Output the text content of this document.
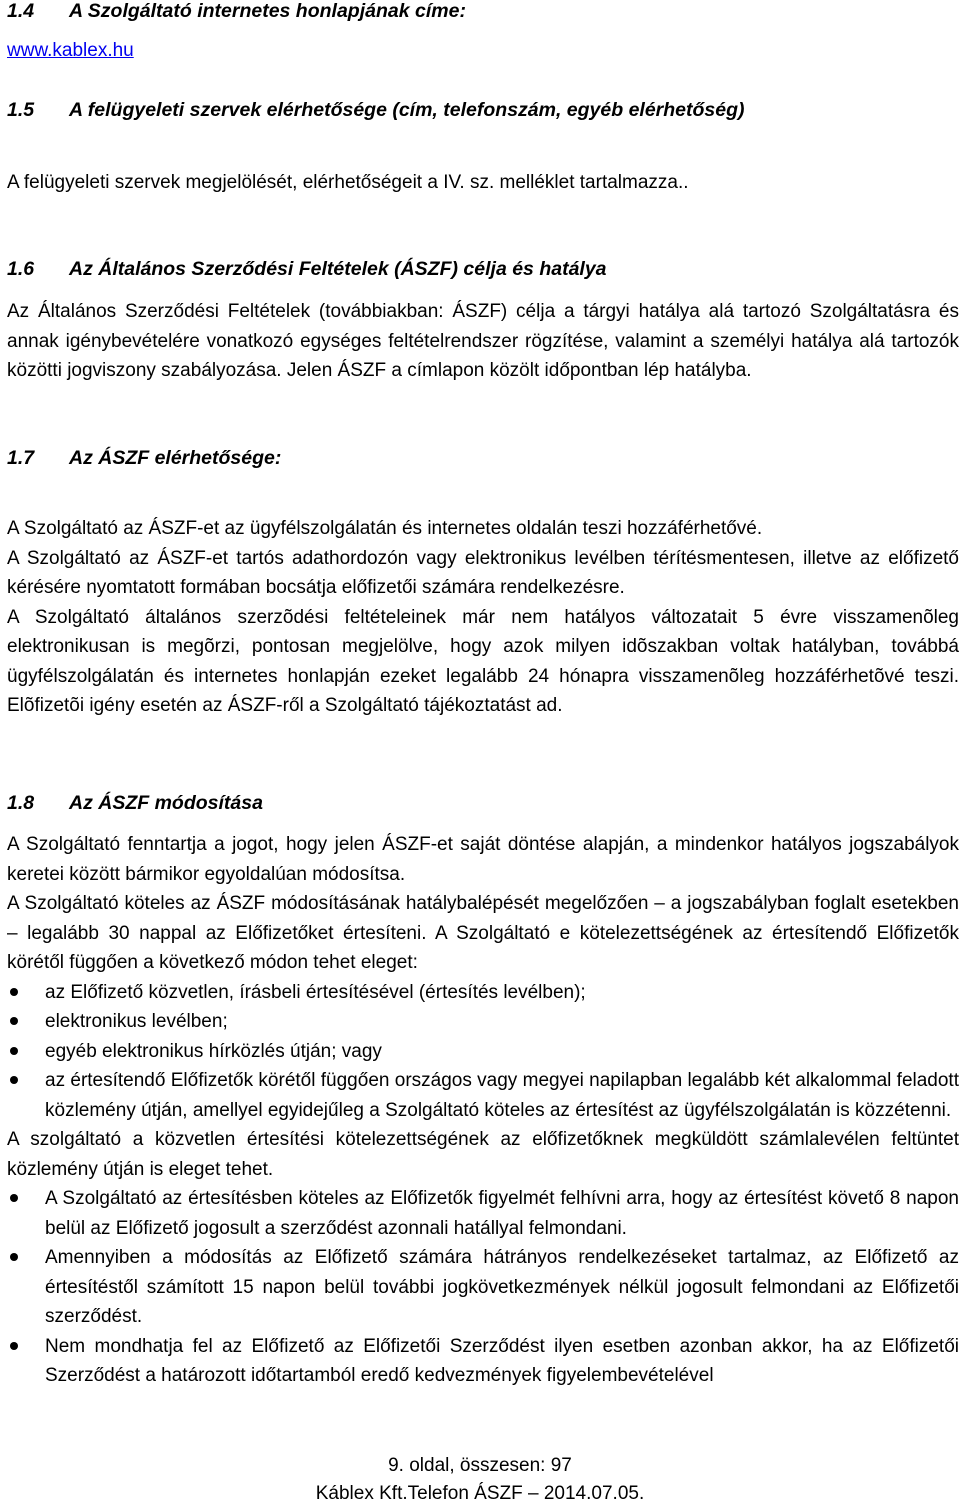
1.4	A Szolgáltató internetes honlapjának címe:
www.kablex.hu
1.5	A felügyeleti szervek elérhetősége (cím, telefonszám, egyéb elérhetőség)

A felügyeleti szervek megjelölését, elérhetőségeit a IV. sz. melléklet tartalmazza..

1.6	Az Általános Szerződési Feltételek (ÁSZF) célja és hatálya

Az Általános Szerződési Feltételek (továbbiakban: ÁSZF) célja a tárgyi hatálya alá tartozó Szolgáltatásra és annak igénybevételére vonatkozó egységes feltételrendszer rögzítése, valamint a személyi hatálya alá tartozók közötti jogviszony szabályozása. Jelen ÁSZF a címlapon közölt időpontban lép hatályba.

1.7	Az ÁSZF elérhetősége:

A Szolgáltató az ÁSZF-et az ügyfélszolgálatán és internetes oldalán teszi hozzáférhetővé.

A Szolgáltató az ÁSZF-et tartós adathordozón vagy elektronikus levélben térítésmentesen, illetve az előfizető kérésére nyomtatott formában bocsátja előfizetői számára rendelkezésre.

A Szolgáltató általános szerzõdési feltételeinek már nem hatályos változatait 5 évre visszamenõleg elektronikusan is megõrzi, pontosan megjelölve, hogy azok milyen idõszakban voltak hatályban, továbbá ügyfélszolgálatán és internetes honlapján ezeket legalább 24 hónapra visszamenõleg hozzáférhetõvé teszi. Elõfizetõi igény esetén az ÁSZF-ről a Szolgáltató tájékoztatást ad.

1.8	Az ÁSZF módosítása

A Szolgáltató fenntartja a jogot, hogy jelen ÁSZF-et saját döntése alapján, a mindenkor hatályos jogszabályok keretei között bármikor egyoldalúan módosítsa.

A Szolgáltató köteles az ÁSZF módosításának hatálybalépését megelőzően – a jogszabályban foglalt esetekben – legalább 30 nappal az Előfizetőket értesíteni. A Szolgáltató e kötelezettségének az értesítendő Előfizetők körétől függően a következő módon tehet eleget:

az Előfizető közvetlen, írásbeli értesítésével (értesítés levélben);
elektronikus levélben;
egyéb elektronikus hírközlés útján; vagy
az értesítendő Előfizetők körétől függően országos vagy megyei napilapban legalább két alkalommal feladott közlemény útján, amellyel egyidejűleg a Szolgáltató köteles az értesítést az ügyfélszolgálatán is közzétenni.

A szolgáltató a közvetlen értesítési kötelezettségének az előfizetőknek megküldött számlalevélen feltüntet közlemény útján is eleget tehet.

A Szolgáltató az értesítésben köteles az Előfizetők figyelmét felhívni arra, hogy az értesítést követő 8 napon belül az Előfizető jogosult a szerződést azonnali hatállyal felmondani.
Amennyiben a módosítás az Előfizető számára hátrányos rendelkezéseket tartalmaz, az Előfizető az értesítéstől számított 15 napon belül további jogkövetkezmények nélkül jogosult felmondani az Előfizetői szerződést.
Nem mondhatja fel az Előfizető az Előfizetői Szerződést ilyen esetben azonban akkor, ha az Előfizetői Szerződést a határozott időtartamból eredő kedvezmények figyelembevételével
9. oldal, összesen: 97
Káblex Kft.Telefon ÁSZF – 2014.07.05.
